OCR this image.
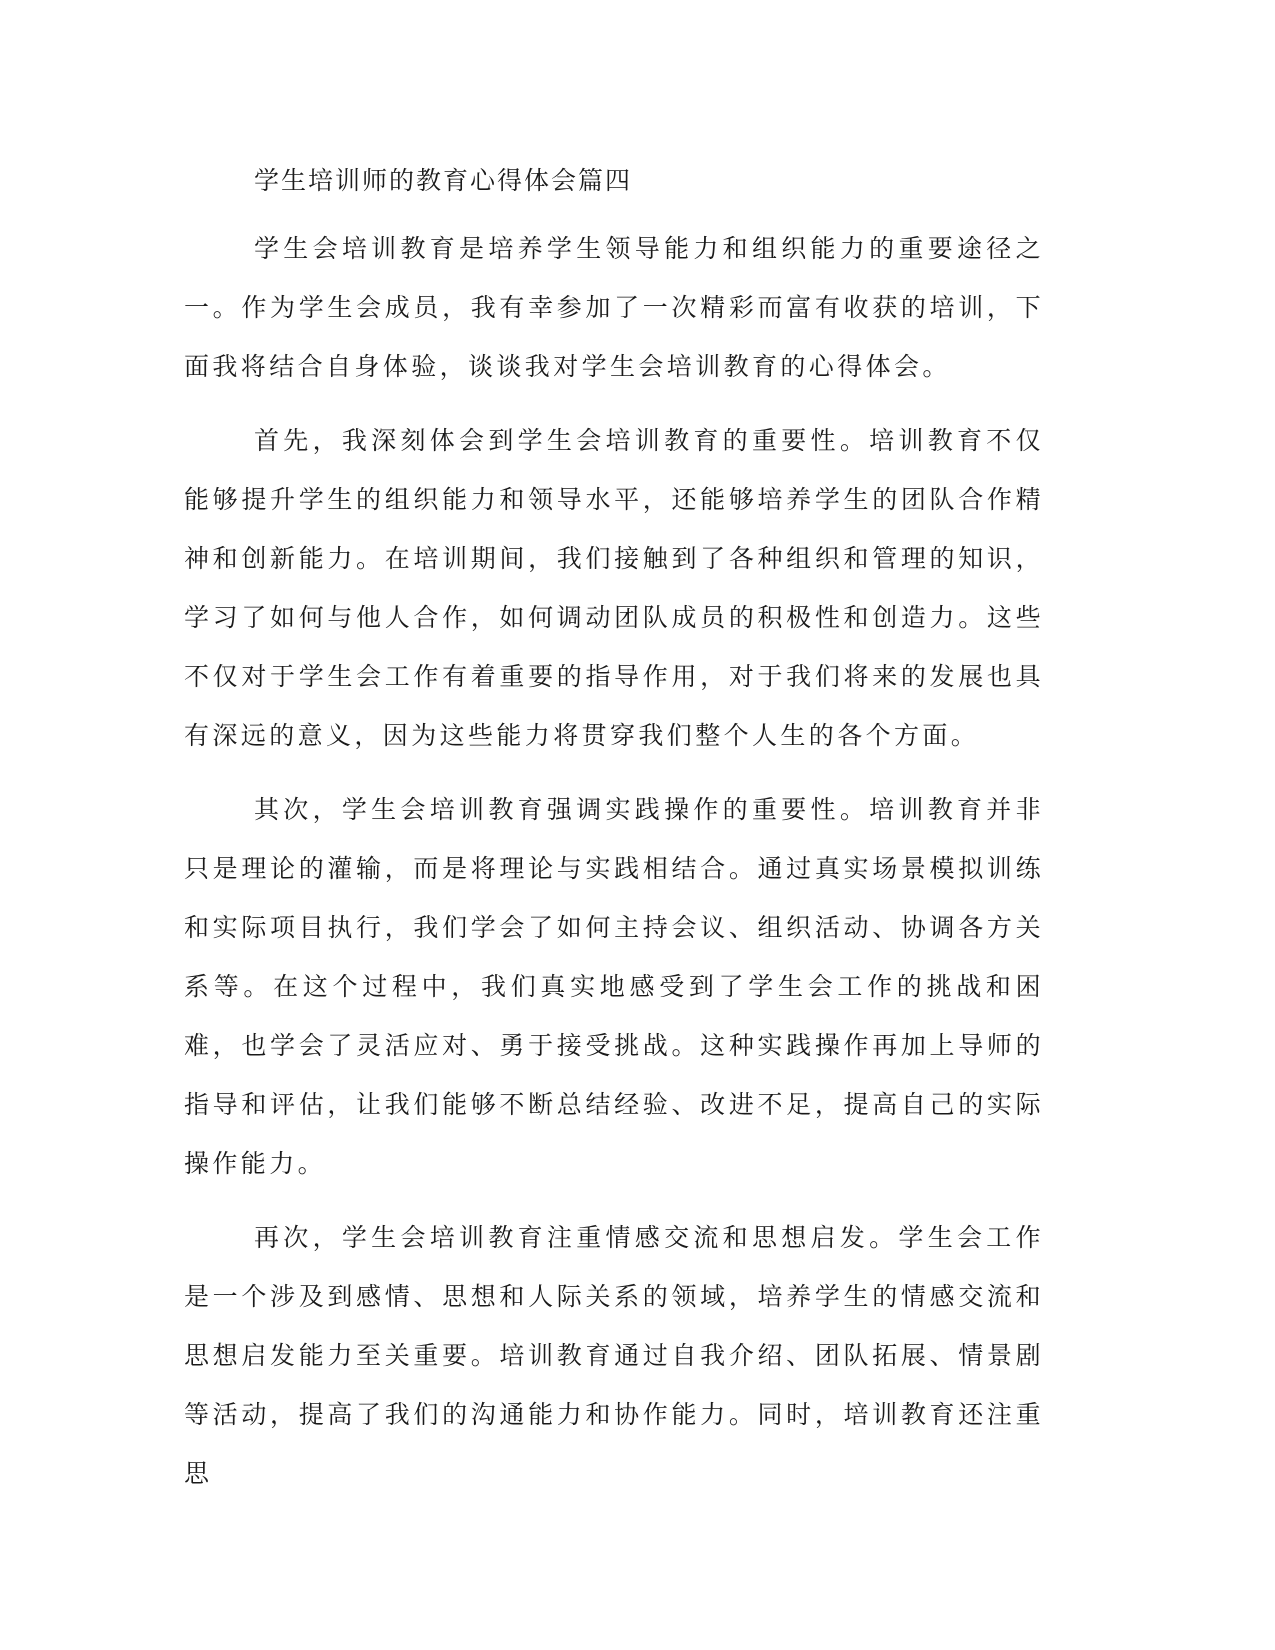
学生培训师的教育心得体会篇四

学生会培训教育是培养学生领导能力和组织能力的重要途径之一。作为学生会成员，我有幸参加了一次精彩而富有收获的培训，下面我将结合自身体验，谈谈我对学生会培训教育的心得体会。

首先，我深刻体会到学生会培训教育的重要性。培训教育不仅能够提升学生的组织能力和领导水平，还能够培养学生的团队合作精神和创新能力。在培训期间，我们接触到了各种组织和管理的知识，学习了如何与他人合作，如何调动团队成员的积极性和创造力。这些不仅对于学生会工作有着重要的指导作用，对于我们将来的发展也具有深远的意义，因为这些能力将贯穿我们整个人生的各个方面。

其次，学生会培训教育强调实践操作的重要性。培训教育并非只是理论的灌输，而是将理论与实践相结合。通过真实场景模拟训练和实际项目执行，我们学会了如何主持会议、组织活动、协调各方关系等。在这个过程中，我们真实地感受到了学生会工作的挑战和困难，也学会了灵活应对、勇于接受挑战。这种实践操作再加上导师的指导和评估，让我们能够不断总结经验、改进不足，提高自己的实际操作能力。

再次，学生会培训教育注重情感交流和思想启发。学生会工作是一个涉及到感情、思想和人际关系的领域，培养学生的情感交流和思想启发能力至关重要。培训教育通过自我介绍、团队拓展、情景剧等活动，提高了我们的沟通能力和协作能力。同时，培训教育还注重思
